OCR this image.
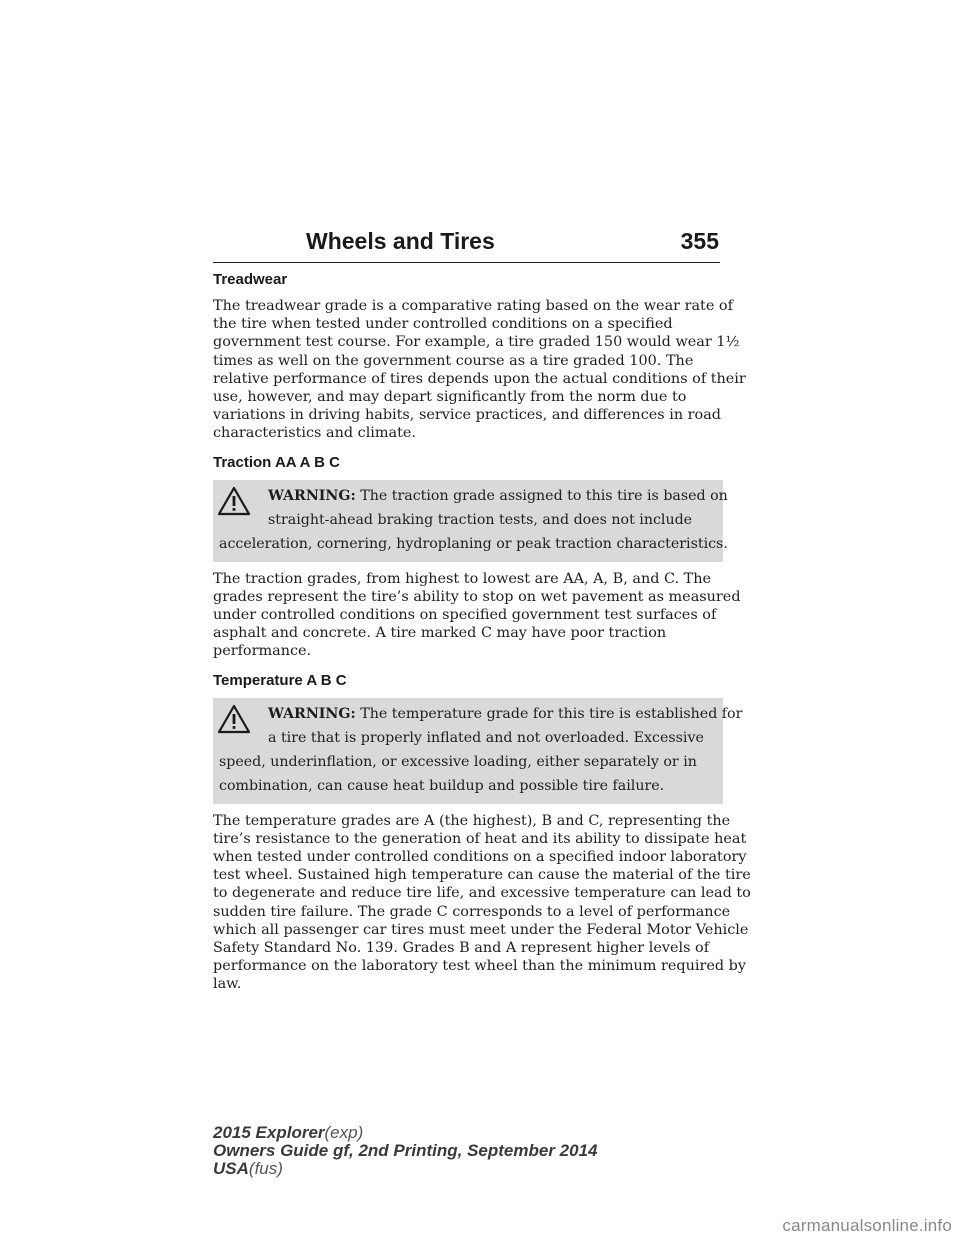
Wheels and Tires	355
Treadwear
The treadwear grade is a comparative rating based on the wear rate of
the tire when tested under controlled conditions on a specified
government test course. For example, a tire graded 150 would wear 1½
times as well on the government course as a tire graded 100. The
relative performance of tires depends upon the actual conditions of their
use, however, and may depart significantly from the norm due to
variations in driving habits, service practices, and differences in road
characteristics and climate.
Traction AA A B C
WARNING: The traction grade assigned to this tire is based on
straight-ahead braking traction tests, and does not include
acceleration, cornering, hydroplaning or peak traction characteristics.
The traction grades, from highest to lowest are AA, A, B, and C. The
grades represent the tire’s ability to stop on wet pavement as measured
under controlled conditions on specified government test surfaces of
asphalt and concrete. A tire marked C may have poor traction
performance.
Temperature A B C
WARNING: The temperature grade for this tire is established for
a tire that is properly inflated and not overloaded. Excessive
speed, underinflation, or excessive loading, either separately or in
combination, can cause heat buildup and possible tire failure.
The temperature grades are A (the highest), B and C, representing the
tire’s resistance to the generation of heat and its ability to dissipate heat
when tested under controlled conditions on a specified indoor laboratory
test wheel. Sustained high temperature can cause the material of the tire
to degenerate and reduce tire life, and excessive temperature can lead to
sudden tire failure. The grade C corresponds to a level of performance
which all passenger car tires must meet under the Federal Motor Vehicle
Safety Standard No. 139. Grades B and A represent higher levels of
performance on the laboratory test wheel than the minimum required by
law.
2015 Explorer(exp)
Owners Guide gf, 2nd Printing, September 2014
USA(fus)
carmanualsonline.info
